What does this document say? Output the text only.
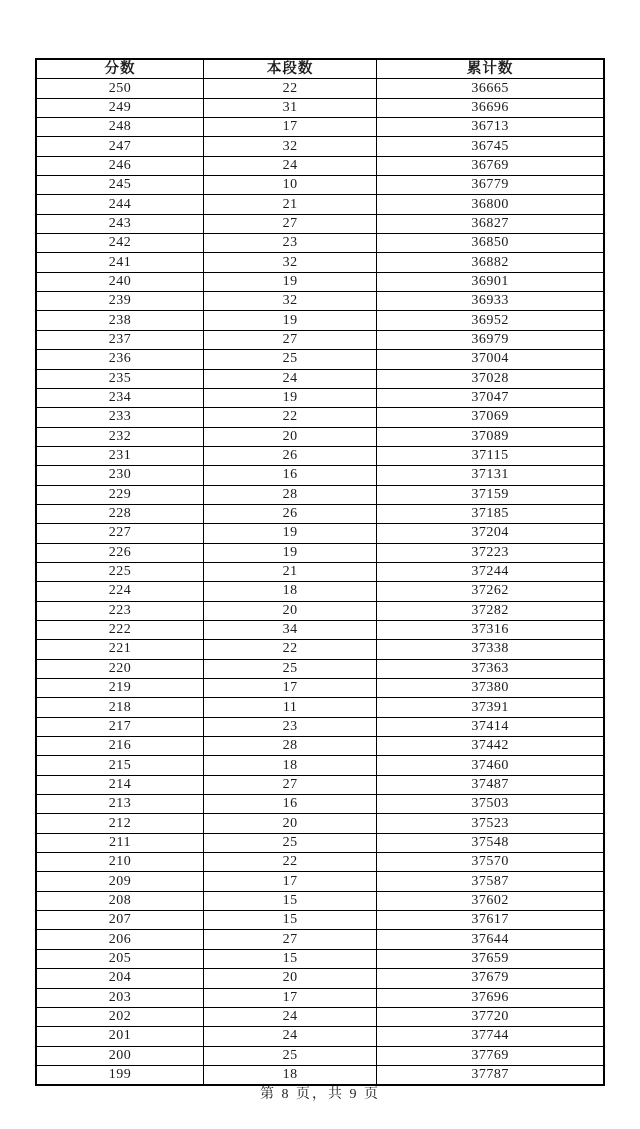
分数	本段数	累计数
250	22	36665
249	31	36696
248	17	36713
247	32	36745
246	24	36769
245	10	36779
244	21	36800
243	27	36827
242	23	36850
241	32	36882
240	19	36901
239	32	36933
238	19	36952
237	27	36979
236	25	37004
235	24	37028
234	19	37047
233	22	37069
232	20	37089
231	26	37115
230	16	37131
229	28	37159
228	26	37185
227	19	37204
226	19	37223
225	21	37244
224	18	37262
223	20	37282
222	34	37316
221	22	37338
220	25	37363
219	17	37380
218	11	37391
217	23	37414
216	28	37442
215	18	37460
214	27	37487
213	16	37503
212	20	37523
211	25	37548
210	22	37570
209	17	37587
208	15	37602
207	15	37617
206	27	37644
205	15	37659
204	20	37679
203	17	37696
202	24	37720
201	24	37744
200	25	37769
199	18	37787
第 8 页，共 9 页
